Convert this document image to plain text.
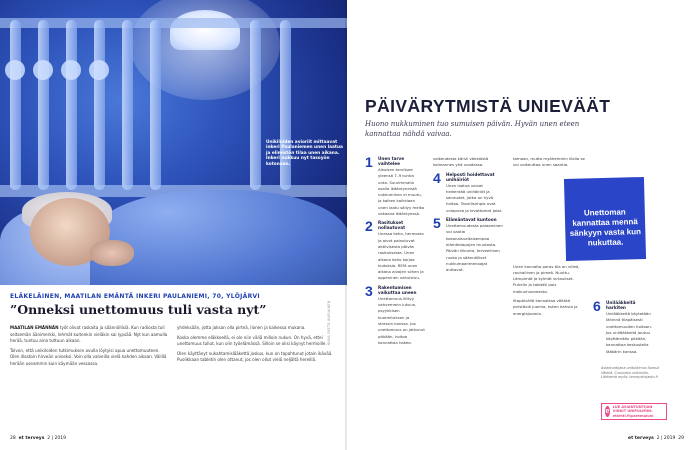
Unikiloiden avioriit mittaavat inkeri Paulaniemen unen laatua ja elimistön tilaa unen aikana. Inkeri nukkuu nyt tasoyön kotonaan.
ELÄKELÄINEN, MAATILAN EMÄNTÄ INKERI PAULANIEMI, 70, YLÖJÄRVI
”Onneksi unettomuus tuli vasta nyt”

MAATILAN EMÄNNÄN työt olivat raskaita ja säännöllisiä. Kun radiosta tuli seitsemän äänimerkki, lehmät kuitenkin vieläkin sai lypsää. Nyt kun aamulla herää, tuntuu aina tuttuun aikaan.

Tolvon, että unikiloiden tutkimuksen avulla löytyisi apua unettomuuteen. Olen illastoin hirveän uniseksi. Voin olla valveilla vielä kahden aikaan. Välillä herään useammin kuin käymään vessassa.

yhdeksään, jotta jaksan olla pirteä, ilonen ja kaikessa mukana.

Koska olemme eläkkeellä, ei ole niin väliä milloin nukun. On hyvä, ettei unettomuus tullut, kun olin työelämässä. Silloin se olisi käynyt hermoille.

Olen käyttänyt nukahtamislääkettä joskus, kun on tapahtunut jotain ikävää. Puolikkaan tabletin olen ottanut, jos olen ollut vielä neljältä hereillä.

KUVA RISTO KUPIAINEN
28 et terveys 2 | 2019
PÄIVÄRYTMISTÄ UNIEVÄÄT
Huono nukkuminen tuo sumuisen päivän. Hyvän unen eteen kannattaa nähdä vaivaa.
1 Unen tarve vaihtelee
Aikuisen tarvitsee yleensä 7–9 tuntia unta. Suurimmalla osalla ikääntyneistä nukkuminen ei muutu, ja kaiken kaikkiaan unen laatu säilyy melko vakaana ikääntyessä.
2 Rasitukset nollautuvat
Unessa keho, hermosto ja aivot palautuvat aktiivisesta päivän rasituksesta. Unen aikana keho korjaa kudoksia. REM-unen aikana aivojen siihen ja oppiminen vahvistuu.
3 Rakentumisen vaikuttaa uneen
Unettomuus liittyy vahvemmin lukuun, psyykkisen kuormituksen ja stressin kanssa. Jos unettomuus on jatkunut pitkään, hoitoa kannattaa hakea.
vaikeudesta kärsii väestöstä kolmannes yhä vuodessa.
4 Helposti hoidettavat unihäiriöt
Unen laatua voivat heikentää unihäiriöt ja sairaudet, jotka on hyvä hoitaa. Tavallisimpia ovat uniapnea ja levottomat jalat.
5 Elämäntavat kuntoon
Unettomuudesta palaaminen voi vaatia kokonaisvaltaisempaa elämäntapojen muutosta. Päivän liikunta, terveellinen ruoka ja säännölliset nukkumaanmenoajat auttavat.
tamaan, mutta myöhemmin illalla se voi vaikeuttaa unen saantia.
Unen kannalta paras tila on viileä, rauhallinen ja pimeä. Nuuttu. Lämpimät ja kylmät virtaukset. Puhelin ja tabletti pois makuuhuoneesta.
Iltapäivällä kannattaa välttää piristäviä juomia, kuten kahvia ja energiajuomia.
Unettoman kannattaa mennä sänkyyn vasta kun nukuttaa.
6 Unilääkkeitä harkiten
Unilääkkeitä käytetään lähinnä tilapäisesti unettomuuden hoitoon. Jos unilääkkeitä joutuu käyttämään pitkään, kannattaa keskustella lääkärin kanssa.
Asiantuntijana unitutkimus Samuli Västilä, Consortia unikiloilla. Lähteenä myös: terveyskirjasto.fi
e
LUE ASIANTUNTIJAN VINKIT UNIPULMIIN: etlehti.fi/parempiuni
et terveys 2 | 2019 29
